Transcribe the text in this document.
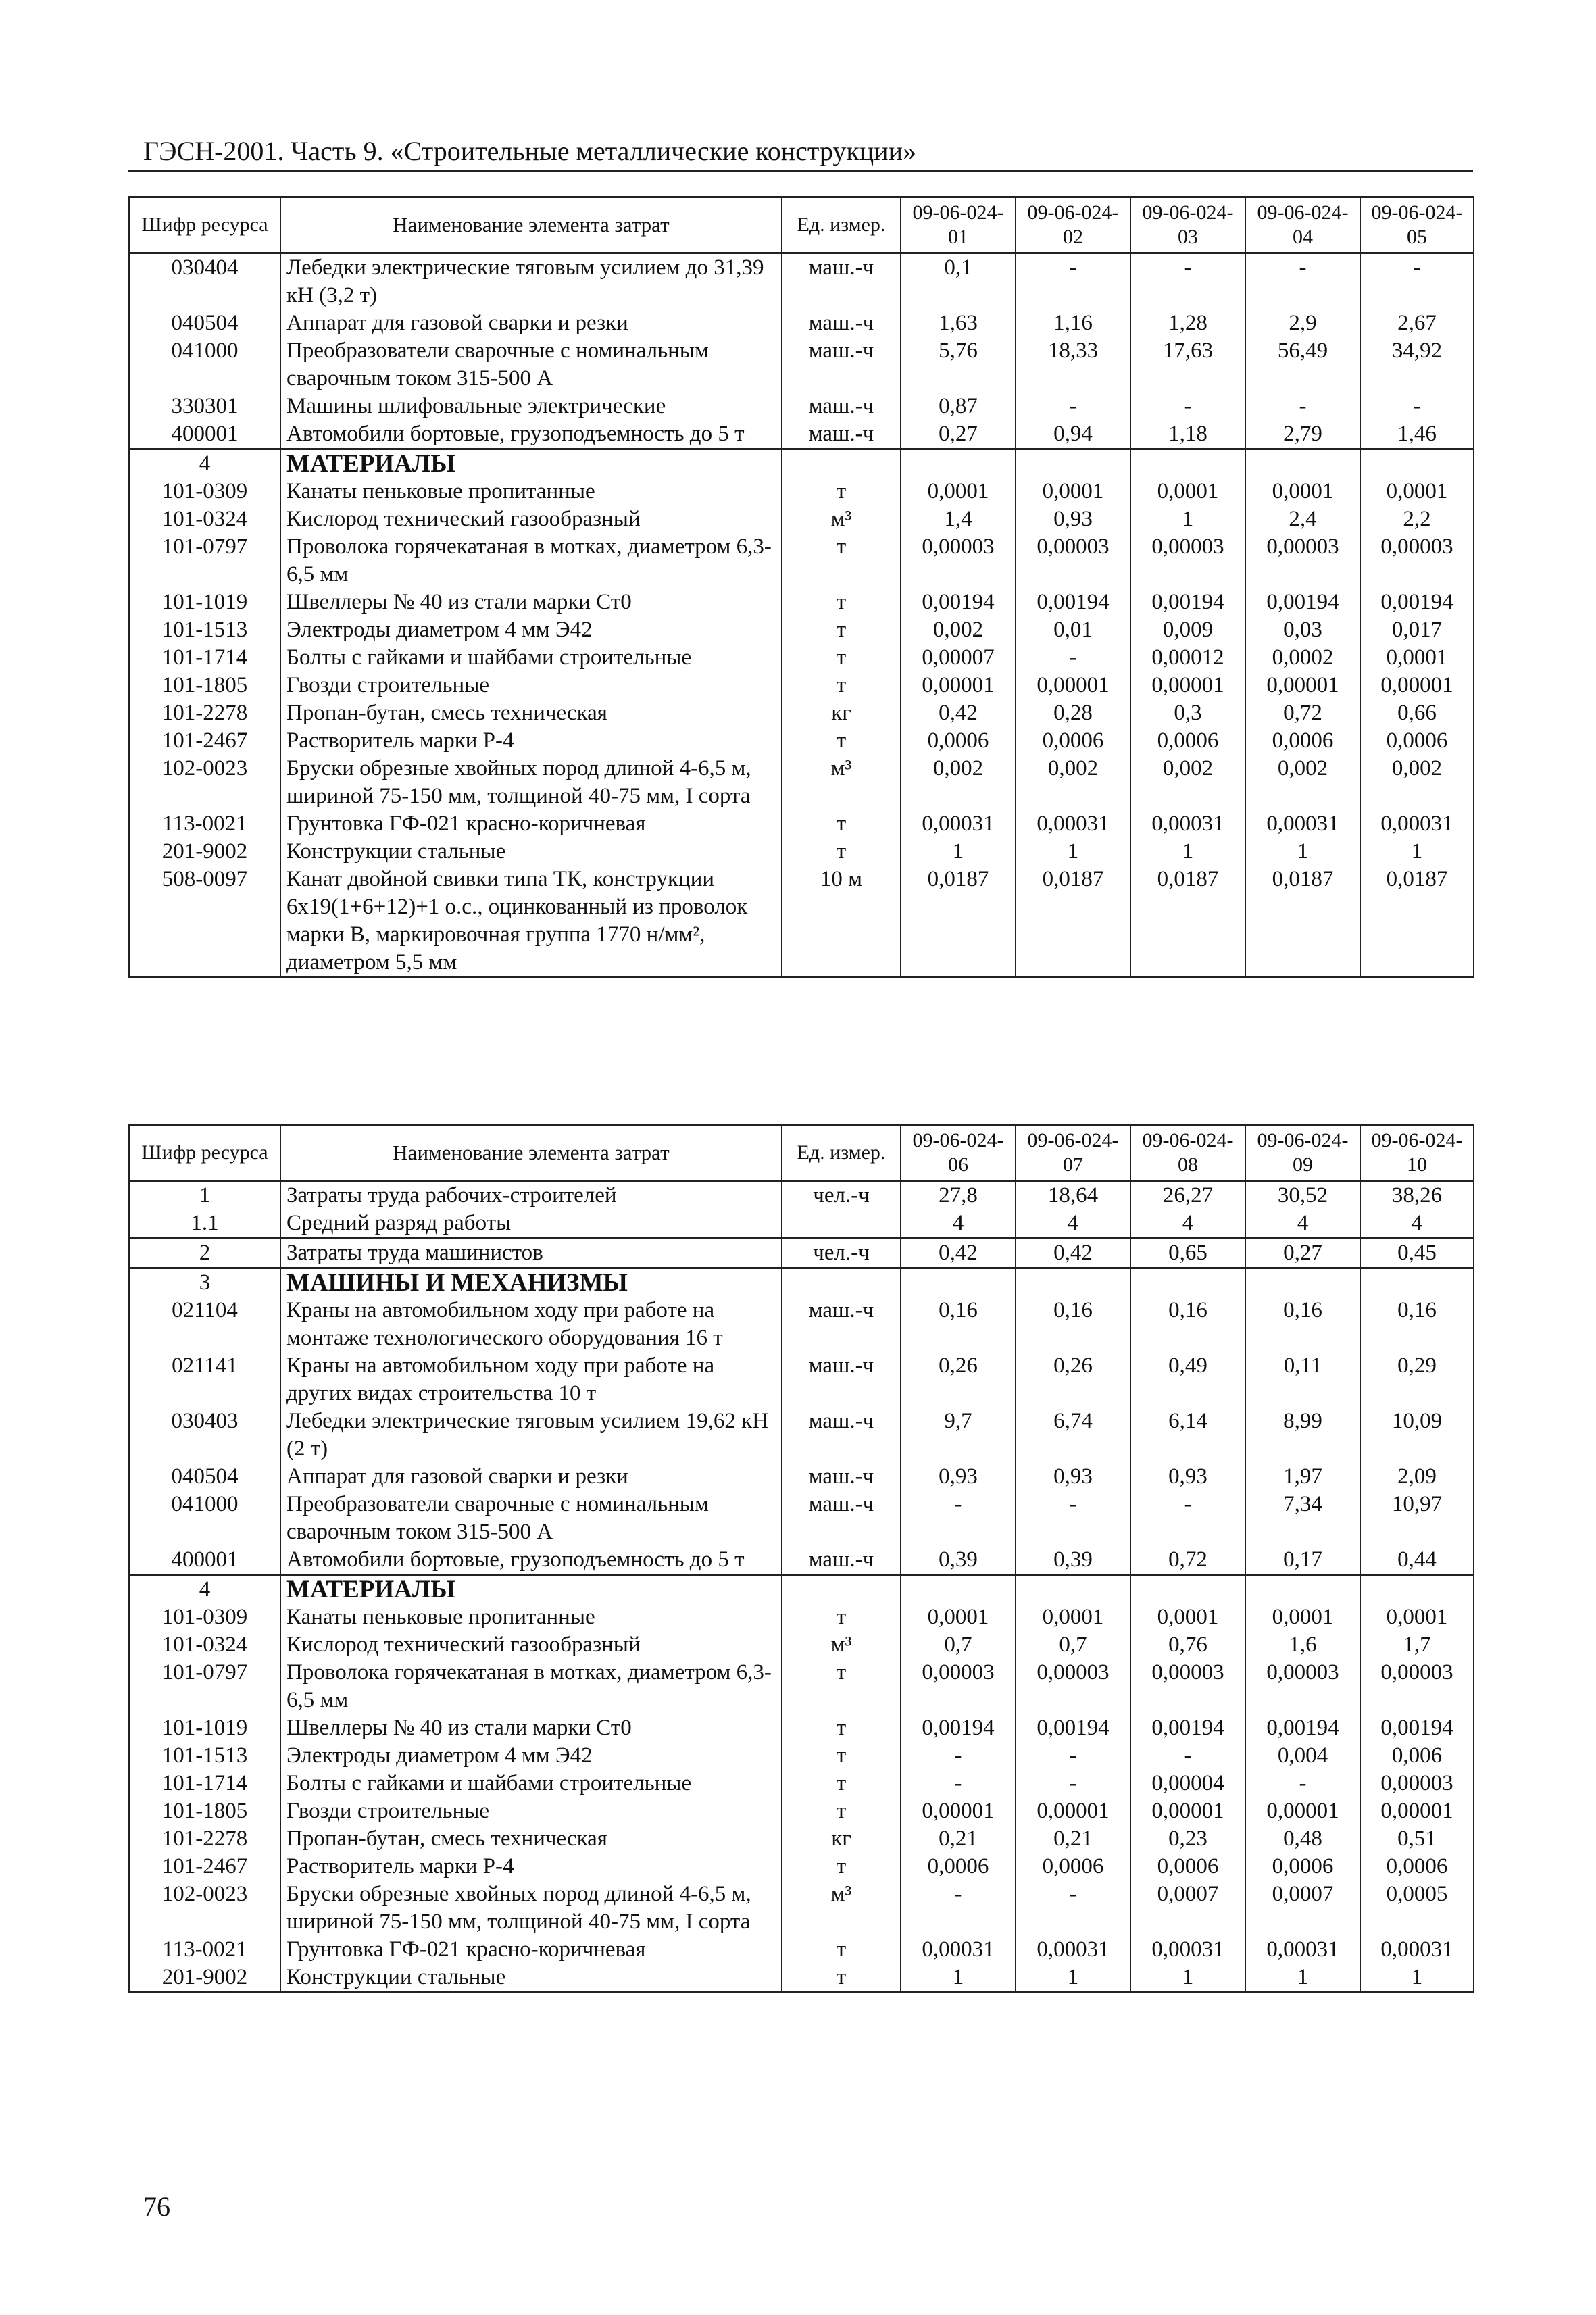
ГЭСН-2001. Часть 9. «Строительные металлические конструкции»
Шифр ресурса	Наименование элемента затрат	Ед. измер.	09-06-024-01	09-06-024-02	09-06-024-03	09-06-024-04	09-06-024-05
030404	Лебедки электрические тяговым усилием до 31,39 кН (3,2 т)	маш.-ч	0,1	-	-	-	-
040504	Аппарат для газовой сварки и резки	маш.-ч	1,63	1,16	1,28	2,9	2,67
041000	Преобразователи сварочные с номинальным сварочным током 315-500 А	маш.-ч	5,76	18,33	17,63	56,49	34,92
330301	Машины шлифовальные электрические	маш.-ч	0,87	-	-	-	-
400001	Автомобили бортовые, грузоподъемность до 5 т	маш.-ч	0,27	0,94	1,18	2,79	1,46
4	МАТЕРИАЛЫ						
101-0309	Канаты пеньковые пропитанные	т	0,0001	0,0001	0,0001	0,0001	0,0001
101-0324	Кислород технический газообразный	м³	1,4	0,93	1	2,4	2,2
101-0797	Проволока горячекатаная в мотках, диаметром 6,3-6,5 мм	т	0,00003	0,00003	0,00003	0,00003	0,00003
101-1019	Швеллеры № 40 из стали марки Ст0	т	0,00194	0,00194	0,00194	0,00194	0,00194
101-1513	Электроды диаметром 4 мм Э42	т	0,002	0,01	0,009	0,03	0,017
101-1714	Болты с гайками и шайбами строительные	т	0,00007	-	0,00012	0,0002	0,0001
101-1805	Гвозди строительные	т	0,00001	0,00001	0,00001	0,00001	0,00001
101-2278	Пропан-бутан, смесь техническая	кг	0,42	0,28	0,3	0,72	0,66
101-2467	Растворитель марки Р-4	т	0,0006	0,0006	0,0006	0,0006	0,0006
102-0023	Бруски обрезные хвойных пород длиной 4-6,5 м, шириной 75-150 мм, толщиной 40-75 мм, I сорта	м³	0,002	0,002	0,002	0,002	0,002
113-0021	Грунтовка ГФ-021 красно-коричневая	т	0,00031	0,00031	0,00031	0,00031	0,00031
201-9002	Конструкции стальные	т	1	1	1	1	1
508-0097	Канат двойной свивки типа ТК, конструкции 6х19(1+6+12)+1 о.с., оцинкованный из проволок марки В, маркировочная группа 1770 н/мм², диаметром 5,5 мм	10 м	0,0187	0,0187	0,0187	0,0187	0,0187
Шифр ресурса	Наименование элемента затрат	Ед. измер.	09-06-024-06	09-06-024-07	09-06-024-08	09-06-024-09	09-06-024-10
1	Затраты труда рабочих-строителей	чел.-ч	27,8	18,64	26,27	30,52	38,26
1.1	Средний разряд работы		4	4	4	4	4
2	Затраты труда машинистов	чел.-ч	0,42	0,42	0,65	0,27	0,45
3	МАШИНЫ И МЕХАНИЗМЫ						
021104	Краны на автомобильном ходу при работе на монтаже технологического оборудования 16 т	маш.-ч	0,16	0,16	0,16	0,16	0,16
021141	Краны на автомобильном ходу при работе на других видах строительства 10 т	маш.-ч	0,26	0,26	0,49	0,11	0,29
030403	Лебедки электрические тяговым усилием 19,62 кН (2 т)	маш.-ч	9,7	6,74	6,14	8,99	10,09
040504	Аппарат для газовой сварки и резки	маш.-ч	0,93	0,93	0,93	1,97	2,09
041000	Преобразователи сварочные с номинальным сварочным током 315-500 А	маш.-ч	-	-	-	7,34	10,97
400001	Автомобили бортовые, грузоподъемность до 5 т	маш.-ч	0,39	0,39	0,72	0,17	0,44
4	МАТЕРИАЛЫ						
101-0309	Канаты пеньковые пропитанные	т	0,0001	0,0001	0,0001	0,0001	0,0001
101-0324	Кислород технический газообразный	м³	0,7	0,7	0,76	1,6	1,7
101-0797	Проволока горячекатаная в мотках, диаметром 6,3-6,5 мм	т	0,00003	0,00003	0,00003	0,00003	0,00003
101-1019	Швеллеры № 40 из стали марки Ст0	т	0,00194	0,00194	0,00194	0,00194	0,00194
101-1513	Электроды диаметром 4 мм Э42	т	-	-	-	0,004	0,006
101-1714	Болты с гайками и шайбами строительные	т	-	-	0,00004	-	0,00003
101-1805	Гвозди строительные	т	0,00001	0,00001	0,00001	0,00001	0,00001
101-2278	Пропан-бутан, смесь техническая	кг	0,21	0,21	0,23	0,48	0,51
101-2467	Растворитель марки Р-4	т	0,0006	0,0006	0,0006	0,0006	0,0006
102-0023	Бруски обрезные хвойных пород длиной 4-6,5 м, шириной 75-150 мм, толщиной 40-75 мм, I сорта	м³	-	-	0,0007	0,0007	0,0005
113-0021	Грунтовка ГФ-021 красно-коричневая	т	0,00031	0,00031	0,00031	0,00031	0,00031
201-9002	Конструкции стальные	т	1	1	1	1	1
76
